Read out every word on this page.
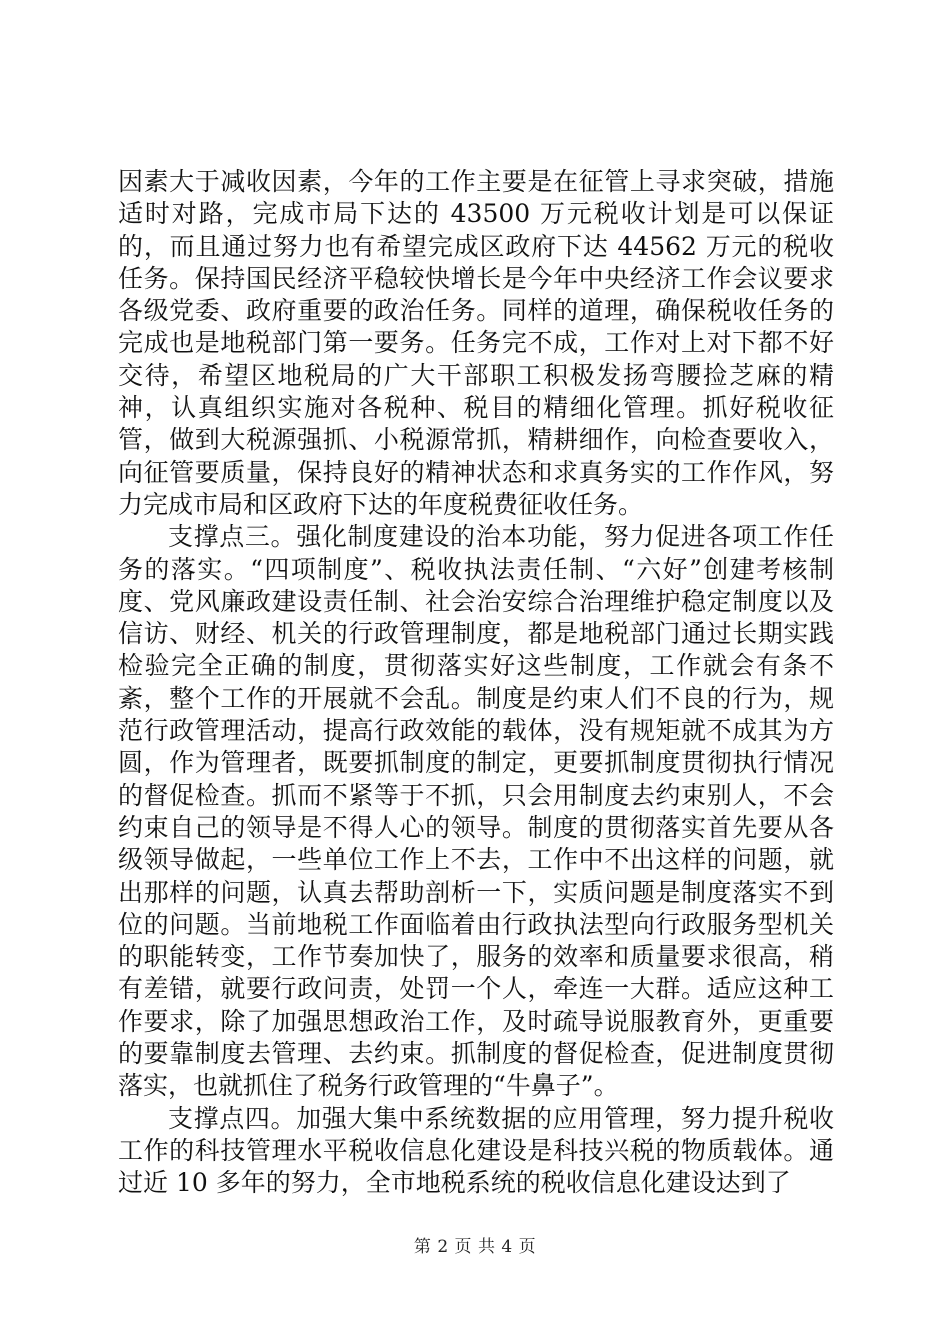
因素大于减收因素，今年的工作主要是在征管上寻求突破，措施适时对路，完成市局下达的 43500 万元税收计划是可以保证的，而且通过努力也有希望完成区政府下达 44562 万元的税收任务。保持国民经济平稳较快增长是今年中央经济工作会议要求各级党委、政府重要的政治任务。同样的道理，确保税收任务的完成也是地税部门第一要务。任务完不成，工作对上对下都不好交待，希望区地税局的广大干部职工积极发扬弯腰捡芝麻的精神，认真组织实施对各税种、税目的精细化管理。抓好税收征管，做到大税源强抓、小税源常抓，精耕细作，向检查要收入，向征管要质量，保持良好的精神状态和求真务实的工作作风，努力完成市局和区政府下达的年度税费征收任务。

支撑点三。强化制度建设的治本功能，努力促进各项工作任务的落实。“四项制度”、税收执法责任制、“六好”创建考核制度、党风廉政建设责任制、社会治安综合治理维护稳定制度以及信访、财经、机关的行政管理制度，都是地税部门通过长期实践检验完全正确的制度，贯彻落实好这些制度，工作就会有条不紊，整个工作的开展就不会乱。制度是约束人们不良的行为，规范行政管理活动，提高行政效能的载体，没有规矩就不成其为方圆，作为管理者，既要抓制度的制定，更要抓制度贯彻执行情况的督促检查。抓而不紧等于不抓，只会用制度去约束别人，不会约束自己的领导是不得人心的领导。制度的贯彻落实首先要从各级领导做起，一些单位工作上不去，工作中不出这样的问题，就出那样的问题，认真去帮助剖析一下，实质问题是制度落实不到位的问题。当前地税工作面临着由行政执法型向行政服务型机关的职能转变，工作节奏加快了，服务的效率和质量要求很高，稍有差错，就要行政问责，处罚一个人，牵连一大群。适应这种工作要求，除了加强思想政治工作，及时疏导说服教育外，更重要的要靠制度去管理、去约束。抓制度的督促检查，促进制度贯彻落实，也就抓住了税务行政管理的“牛鼻子”。

支撑点四。加强大集中系统数据的应用管理，努力提升税收工作的科技管理水平税收信息化建设是科技兴税的物质载体。通过近 10 多年的努力，全市地税系统的税收信息化建设达到了

第 2 页 共 4 页
